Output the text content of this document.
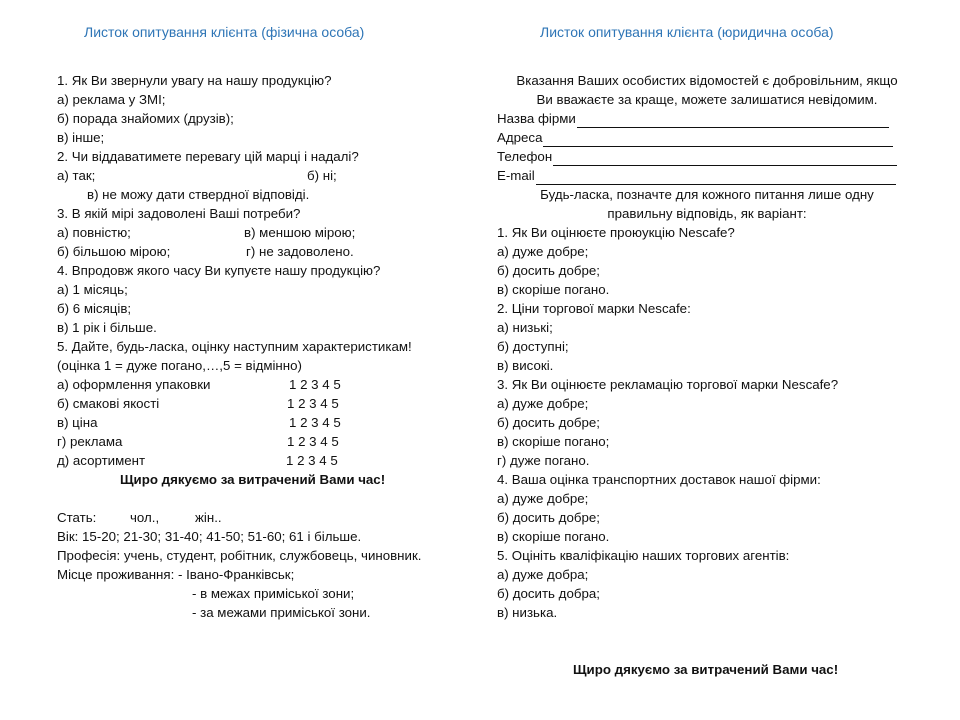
Листок опитування клієнта (фізична особа)	Листок опитування клієнта (юридична особа)
1. Як Ви звернули увагу на нашу продукцію?
а) реклама у ЗМІ;
б) порада знайомих (друзів);
в) інше;
2. Чи віддаватимете перевагу цій марці і надалі?
а) так;	б) ні;
в) не можу дати ствердної відповіді.
3. В якій мірі задоволені Ваші потреби?
а) повністю;	в) меншою мірою;
б) більшою мірою;	г) не задоволено.
4. Впродовж якого часу Ви купуєте нашу продукцію?
а) 1 місяць;
б) 6 місяців;
в) 1 рік і більше.
5. Дайте, будь-ласка, оцінку наступним характеристикам!
(оцінка 1 = дуже погано,…,5 = відмінно)
а) оформлення упаковки	1 2 3 4 5
б) смакові якості	1 2 3 4 5
в) ціна	1 2 3 4 5
г) реклама	1 2 3 4 5
д) асортимент	1 2 3 4 5
Щиро дякуємо за витрачений Вами час!
Стать:	чол.,	жін..
Вік: 15-20; 21-30; 31-40; 41-50; 51-60; 61 і більше.
Професія: учень, студент, робітник, службовець, чиновник.
Місце проживання: - Івано-Франківськ;
- в межах приміської зони;
- за межами приміської зони.
Вказання Ваших особистих відомостей є добровільним, якщо
Ви вважаєте за краще, можете залишатися невідомим.
Назва фірми
Адреса
Телефон
E-mail
Будь-ласка, позначте для кожного питання лише одну
правильну відповідь, як варіант:
1. Як Ви оцінюєте проюукцію Nescafe?
а) дуже добре;
б) досить добре;
в) скоріше погано.
2. Ціни торгової марки Nescafe:
а) низькі;
б) доступні;
в) високі.
3. Як Ви оцінюєте рекламацію торгової марки Nescafe?
а) дуже добре;
б) досить добре;
в) скоріше погано;
г) дуже погано.
4. Ваша оцінка транспортних доставок нашої фірми:
а) дуже добре;
б) досить добре;
в) скоріше погано.
5. Оцініть кваліфікацію наших торгових агентів:
а) дуже добра;
б) досить добра;
в) низька.
Щиро дякуємо за витрачений Вами час!
